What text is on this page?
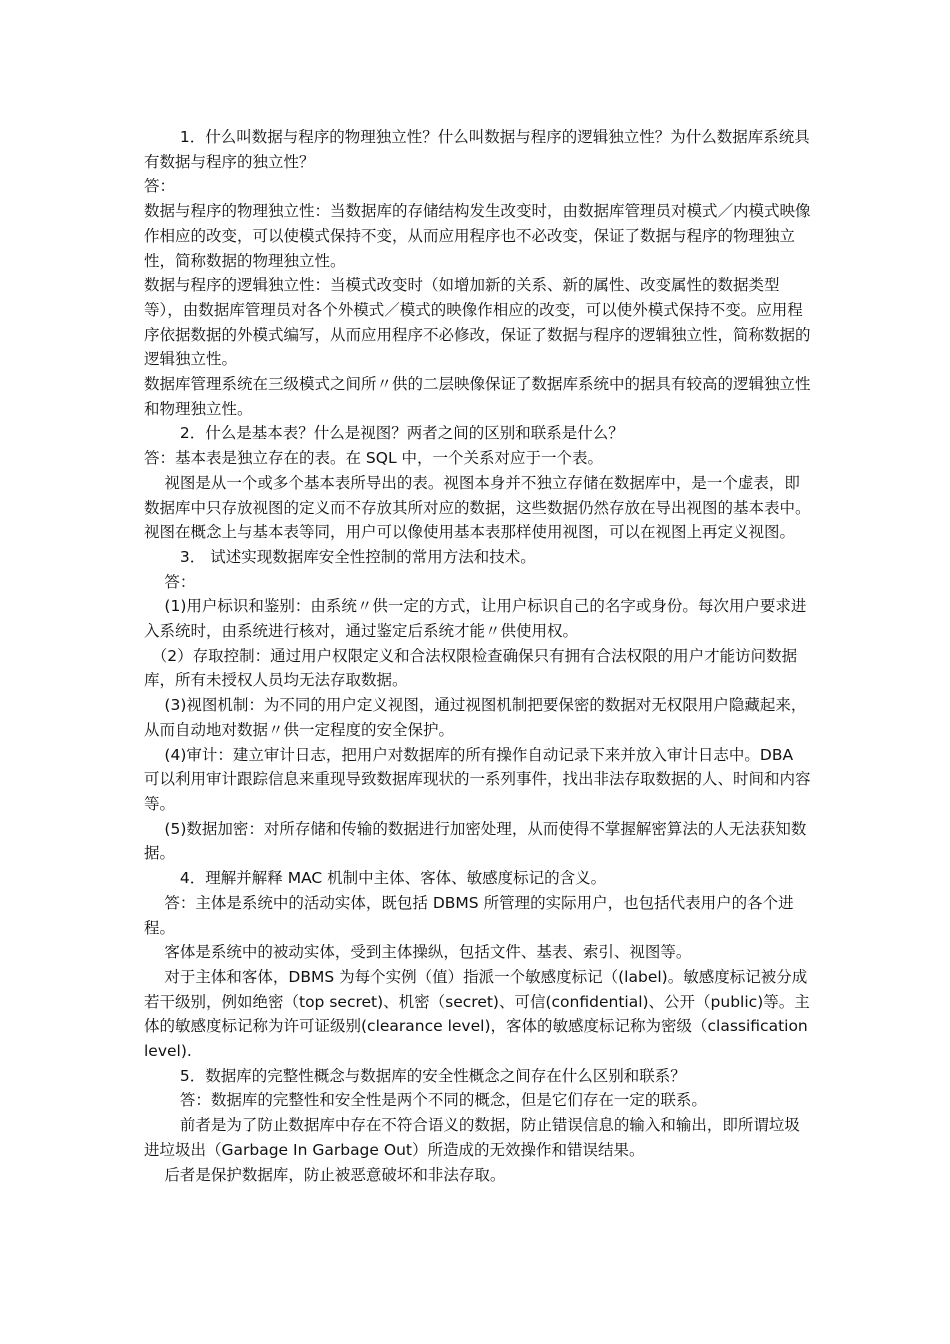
　　 1．什么叫数据与程序的物理独立性？什么叫数据与程序的逻辑独立性？为什么数据库系统具有数据与程序的独立性？

答：

数据与程序的物理独立性：当数据库的存储结构发生改变时，由数据库管理员对模式／内模式映像作相应的改变，可以使模式保持不变，从而应用程序也不必改变，保证了数据与程序的物理独立性，简称数据的物理独立性。

数据与程序的逻辑独立性：当模式改变时（如增加新的关系、新的属性、改变属性的数据类型等），由数据库管理员对各个外模式／模式的映像作相应的改变，可以使外模式保持不变。应用程序依据数据的外模式编写，从而应用程序不必修改，保证了数据与程序的逻辑独立性，简称数据的逻辑独立性。

数据库管理系统在三级模式之间所〃供的二层映像保证了数据库系统中的据具有较高的逻辑独立性和物理独立性。

　　 2．什么是基本表？什么是视图？两者之间的区别和联系是什么？

答：基本表是独立存在的表。在 SQL 中，一个关系对应于一个表。

　 视图是从一个或多个基本表所导出的表。视图本身并不独立存储在数据库中，是一个虚表，即数据库中只存放视图的定义而不存放其所对应的数据，这些数据仍然存放在导出视图的基本表中。视图在概念上与基本表等同，用户可以像使用基本表那样使用视图，可以在视图上再定义视图。

　　 3． 试述实现数据库安全性控制的常用方法和技术。

　 答：

　 (1)用户标识和鉴别：由系统〃供一定的方式，让用户标识自己的名字或身份。每次用户要求进入系统时，由系统进行核对，通过鉴定后系统才能〃供使用权。

　（2）存取控制：通过用户权限定义和合法权限检查确保只有拥有合法权限的用户才能访问数据库，所有未授权人员均无法存取数据。

　 (3)视图机制：为不同的用户定义视图，通过视图机制把要保密的数据对无权限用户隐藏起来，从而自动地对数据〃供一定程度的安全保护。

　 (4)审计：建立审计日志，把用户对数据库的所有操作自动记录下来并放入审计日志中。DBA 可以利用审计跟踪信息来重现导致数据库现状的一系列事件，找出非法存取数据的人、时间和内容等。

　 (5)数据加密：对所存储和传输的数据进行加密处理，从而使得不掌握解密算法的人无法获知数据。

　　 4．理解并解释 MAC 机制中主体、客体、敏感度标记的含义。

　 答：主体是系统中的活动实体，既包括 DBMS 所管理的实际用户，也包括代表用户的各个进程。

　 客体是系统中的被动实体，受到主体操纵，包括文件、基表、索引、视图等。

　 对于主体和客体，DBMS 为每个实例（值）指派一个敏感度标记（(label)。敏感度标记被分成若干级别，例如绝密（top secret)、机密（secret)、可信(confidential)、公开（public)等。主体的敏感度标记称为许可证级别(clearance level)，客体的敏感度标记称为密级（classification level).

　　 5．数据库的完整性概念与数据库的安全性概念之间存在什么区别和联系？

　　 答：数据库的完整性和安全性是两个不同的概念，但是它们存在一定的联系。

　　 前者是为了防止数据库中存在不符合语义的数据，防止错误信息的输入和输出，即所谓垃圾进垃圾出（Garbage In Garbage Out）所造成的无效操作和错误结果。

　 后者是保护数据库，防止被恶意破坏和非法存取。
